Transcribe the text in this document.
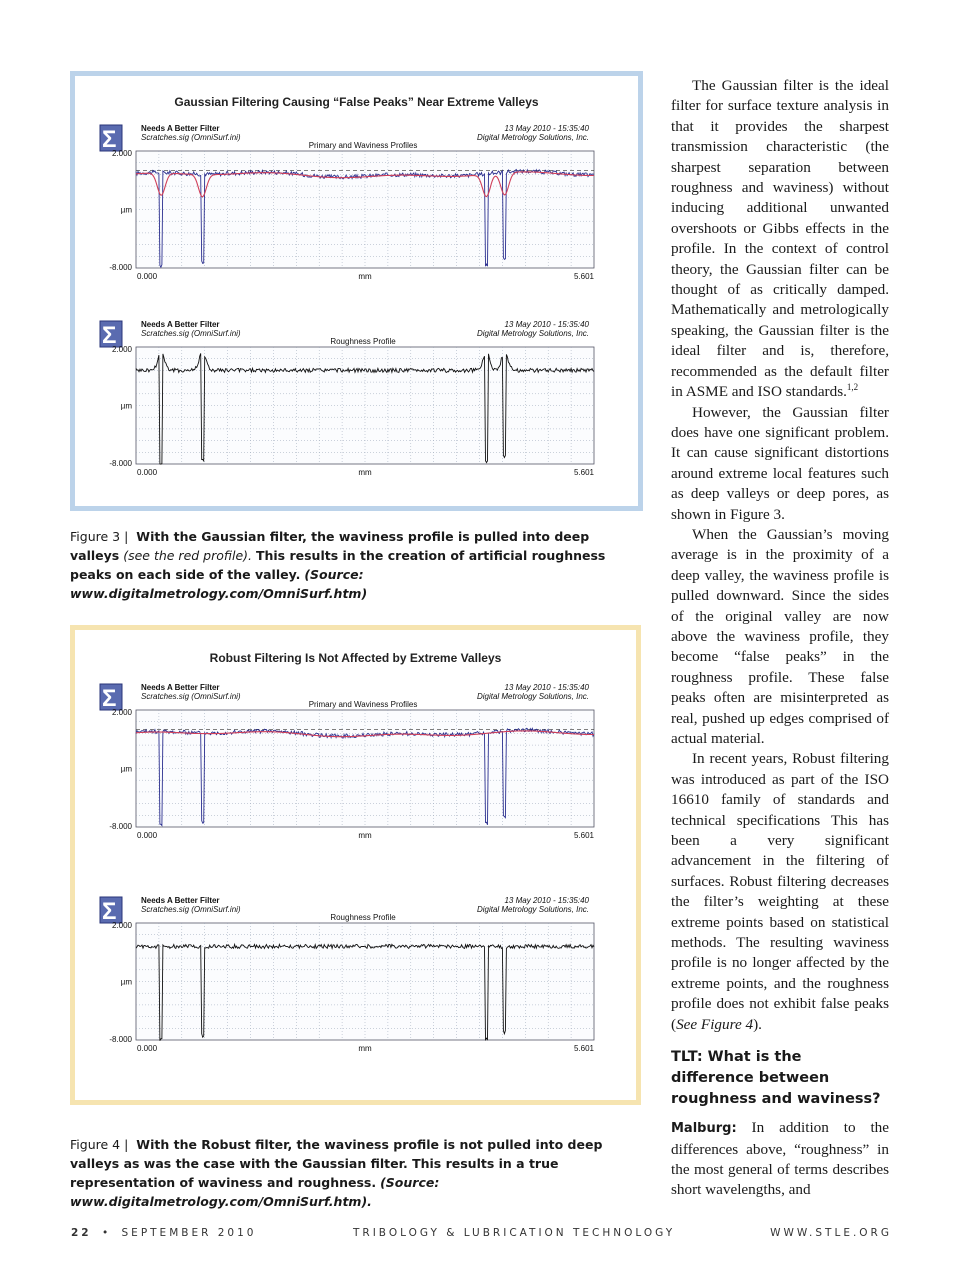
Gaussian Filtering Causing “False Peaks” Near Extreme Valleys
Σ	Needs A Better Filter
Scratches.sig (OmniSurf.ini)
13 May 2010 - 15:35:40
Digital Metrology Solutions, Inc.
Primary and Waviness Profiles
2.000
µm
-8.000
0.000	mm	5.601
Σ	Needs A Better Filter
Scratches.sig (OmniSurf.ini)
13 May 2010 - 15:35:40
Digital Metrology Solutions, Inc.
Roughness Profile
2.000
µm
-8.000
0.000	mm	5.601
Figure 3 | With the Gaussian filter, the waviness profile is pulled into deep valleys (see the red profile). This results in the creation of artificial roughness peaks on each side of the valley. (Source: www.digitalmetrology.com/OmniSurf.htm)
Robust Filtering Is Not Affected by Extreme Valleys
Σ	Needs A Better Filter
Scratches.sig (OmniSurf.ini)
13 May 2010 - 15:35:40
Digital Metrology Solutions, Inc.
Primary and Waviness Profiles
2.000
µm
-8.000
0.000	mm	5.601
Σ	Needs A Better Filter
Scratches.sig (OmniSurf.ini)
13 May 2010 - 15:35:40
Digital Metrology Solutions, Inc.
Roughness Profile
2.000
µm
-8.000
0.000	mm	5.601
Figure 4 | With the Robust filter, the waviness profile is not pulled into deep valleys as was the case with the Gaussian filter. This results in a true representation of waviness and roughness. (Source: www.digitalmetrology.com/OmniSurf.htm).

The Gaussian filter is the ideal filter for surface texture analysis in that it provides the sharpest transmission characteristic (the sharpest separation between roughness and waviness) without inducing additional unwanted overshoots or Gibbs effects in the profile. In the context of control theory, the Gaussian filter can be thought of as critically damped. Mathematically and metrologically speaking, the Gaussian filter is the ideal filter and is, therefore, recommended as the default filter in ASME and ISO standards.$^{1,2}$

However, the Gaussian filter does have one significant problem. It can cause significant distortions around extreme local features such as deep valleys or deep pores, as shown in Figure 3.

When the Gaussian’s moving average is in the proximity of a deep valley, the waviness profile is pulled downward. Since the sides of the original valley are now above the waviness profile, they become “false peaks” in the roughness profile. These false peaks often are misinterpreted as real, pushed up edges comprised of actual material.

In recent years, Robust filtering was introduced as part of the ISO 16610 family of standards and technical specifications This has been a very significant advancement in the filtering of surfaces. Robust filtering decreases the filter’s weighting at these extreme points based on statistical methods. The resulting waviness profile is no longer affected by the extreme points, and the roughness profile does not exhibit false peaks (See Figure 4).

TLT: What is the difference between roughness and waviness?

Malburg: In addition to the differences above, “roughness” in the most general of terms describes short wavelengths, and

22 • SEPTEMBER 2010	TRIBOLOGY & LUBRICATION TECHNOLOGY	WWW.STLE.ORG
